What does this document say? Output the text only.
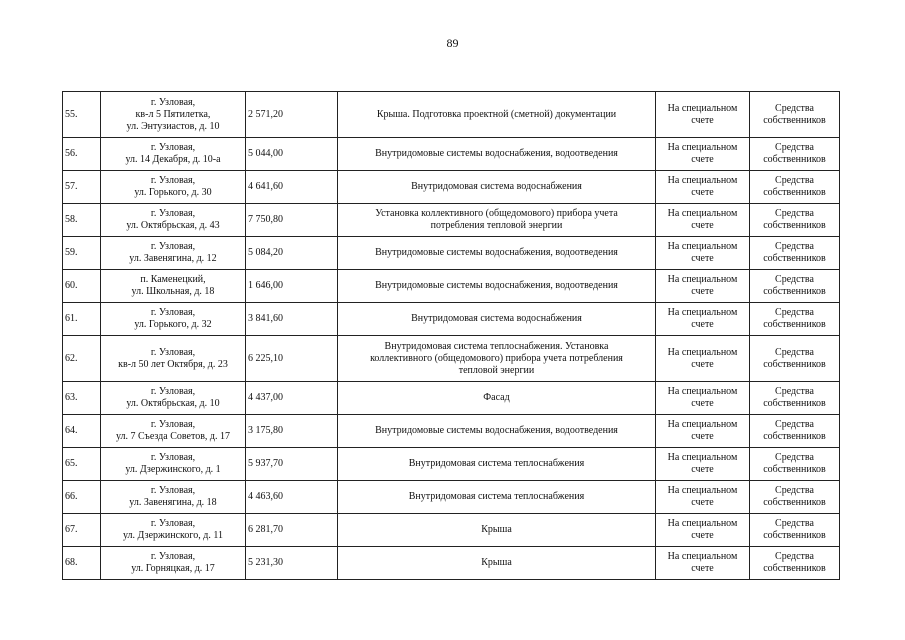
89
55.	г. Узловая,
кв-л 5 Пятилетка,
ул. Энтузиастов, д. 10	2 571,20	Крыша. Подготовка проектной (сметной) документации	На специальном
счете	Средства
собственников

56.	г. Узловая,
ул. 14 Декабря, д. 10-а	5 044,00	Внутридомовые системы водоснабжения, водоотведения	На специальном
счете	Средства
собственников

57.	г. Узловая,
ул. Горького, д. 30	4 641,60	Внутридомовая система водоснабжения	На специальном
счете	Средства
собственников

58.	г. Узловая,
ул. Октябрьская, д. 43	7 750,80	Установка коллективного (общедомового) прибора учета
потребления тепловой энергии	На специальном
счете	Средства
собственников

59.	г. Узловая,
ул. Завенягина, д. 12	5 084,20	Внутридомовые системы водоснабжения, водоотведения	На специальном
счете	Средства
собственников

60.	п. Каменецкий,
ул. Школьная, д. 18	1 646,00	Внутридомовые системы водоснабжения, водоотведения	На специальном
счете	Средства
собственников

61.	г. Узловая,
ул. Горького, д. 32	3 841,60	Внутридомовая система водоснабжения	На специальном
счете	Средства
собственников

62.	г. Узловая,
кв-л 50 лет Октября, д. 23	6 225,10	Внутридомовая система теплоснабжения. Установка
коллективного (общедомового) прибора учета потребления
тепловой энергии	На специальном
счете	Средства
собственников

63.	г. Узловая,
ул. Октябрьская, д. 10	4 437,00	Фасад	На специальном
счете	Средства
собственников

64.	г. Узловая,
ул. 7 Съезда Советов, д. 17	3 175,80	Внутридомовые системы водоснабжения, водоотведения	На специальном
счете	Средства
собственников

65.	г. Узловая,
ул. Дзержинского, д. 1	5 937,70	Внутридомовая система теплоснабжения	На специальном
счете	Средства
собственников

66.	г. Узловая,
ул. Завенягина, д. 18	4 463,60	Внутридомовая система теплоснабжения	На специальном
счете	Средства
собственников

67.	г. Узловая,
ул. Дзержинского, д. 11	6 281,70	Крыша	На специальном
счете	Средства
собственников

68.	г. Узловая,
ул. Горняцкая, д. 17	5 231,30	Крыша	На специальном
счете	Средства
собственников
